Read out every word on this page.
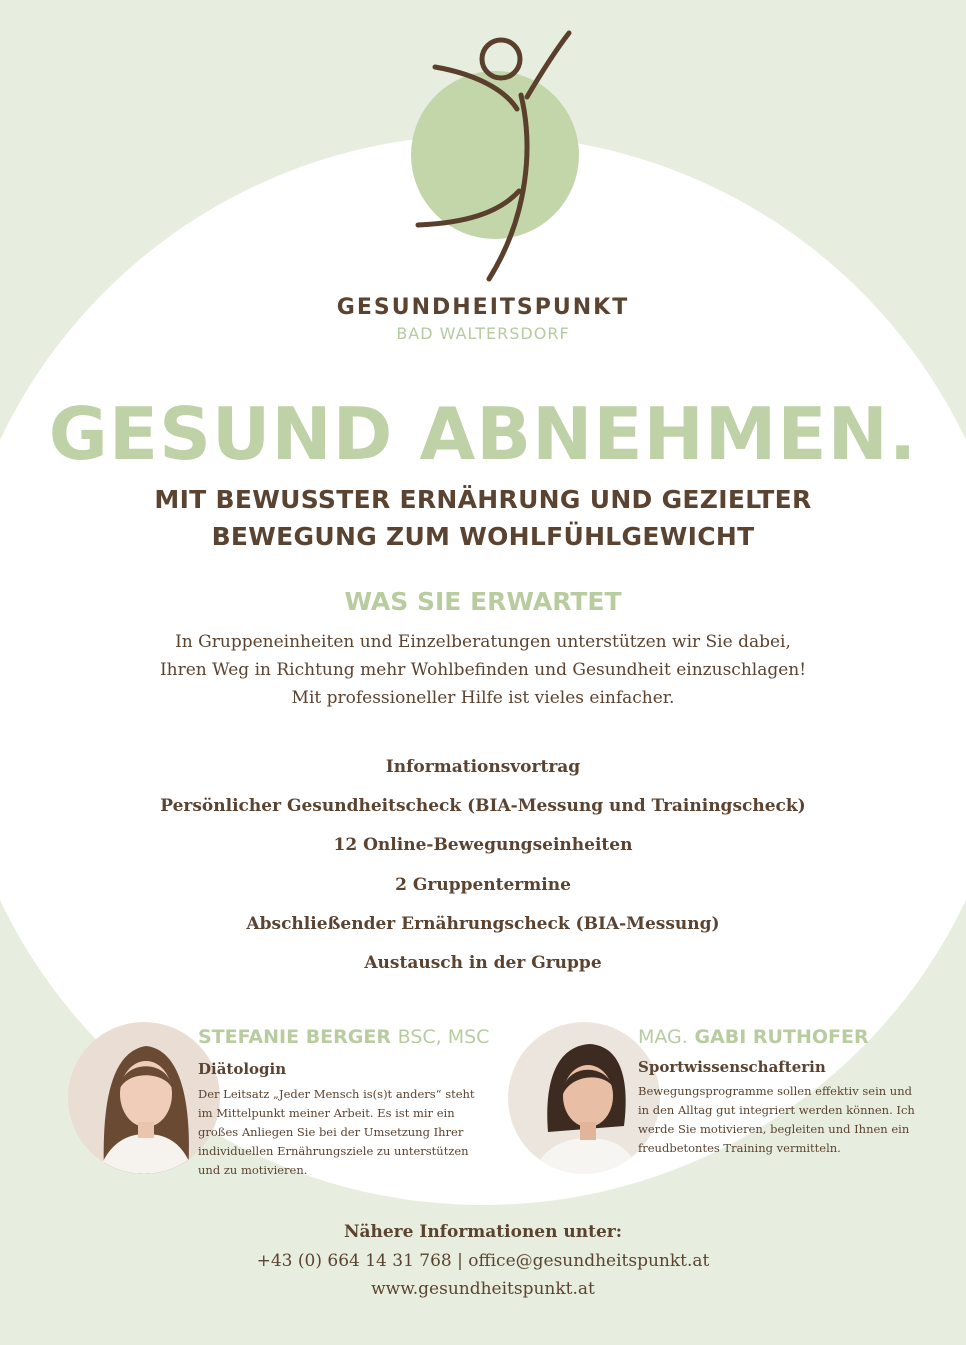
GESUNDHEITSPUNKT
BAD WALTERSDORF
GESUND ABNEHMEN.
MIT BEWUSSTER ERNÄHRUNG UND GEZIELTER
BEWEGUNG ZUM WOHLFÜHLGEWICHT
WAS SIE ERWARTET
In Gruppeneinheiten und Einzelberatungen unterstützen wir Sie dabei,
Ihren Weg in Richtung mehr Wohlbefinden und Gesundheit einzuschlagen!
Mit professioneller Hilfe ist vieles einfacher.
Informationsvortrag
Persönlicher Gesundheitscheck (BIA-Messung und Trainingscheck)
12 Online-Bewegungseinheiten
2 Gruppentermine
Abschließender Ernährungscheck (BIA-Messung)
Austausch in der Gruppe
STEFANIE BERGER BSC, MSC
Diätologin
Der Leitsatz „Jeder Mensch is(s)t anders“ steht
im Mittelpunkt meiner Arbeit. Es ist mir ein
großes Anliegen Sie bei der Umsetzung Ihrer
individuellen Ernährungsziele zu unterstützen
und zu motivieren.
MAG. GABI RUTHOFER
Sportwissenschafterin
Bewegungsprogramme sollen effektiv sein und
in den Alltag gut integriert werden können. Ich
werde Sie motivieren, begleiten und Ihnen ein
freudbetontes Training vermitteln.
Nähere Informationen unter:
+43 (0) 664 14 31 768 | office@gesundheitspunkt.at
www.gesundheitspunkt.at
